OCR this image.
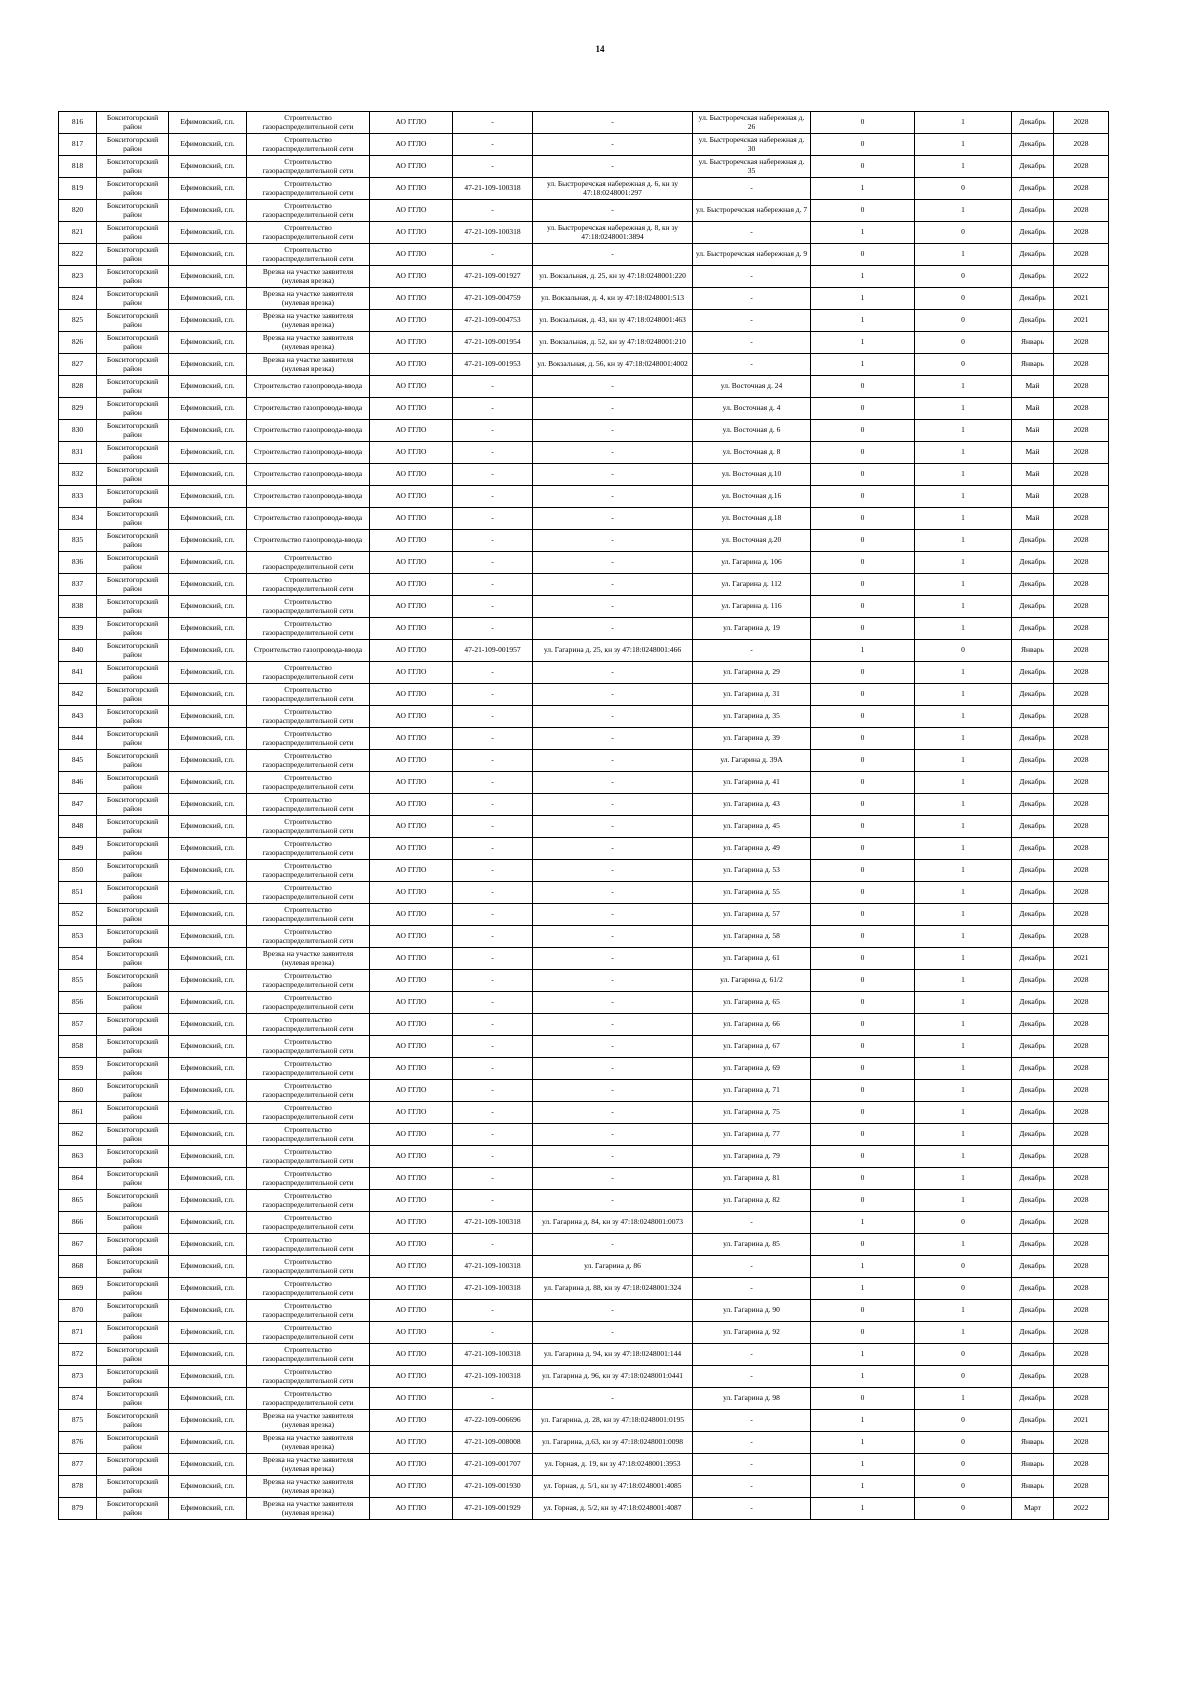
14
816	Бокситогорский район	Ефимовский, г.п.	Строительство газораспределительной сети	АО ГГЛО	-	-	ул. Быстроречская набережная д. 26	0	1	Декабрь	2028
817	Бокситогорский район	Ефимовский, г.п.	Строительство газораспределительной сети	АО ГГЛО	-	-	ул. Быстроречская набережная д. 30	0	1	Декабрь	2028
818	Бокситогорский район	Ефимовский, г.п.	Строительство газораспределительной сети	АО ГГЛО	-	-	ул. Быстроречская набережная д. 35	0	1	Декабрь	2028
819	Бокситогорский район	Ефимовский, г.п.	Строительство газораспределительной сети	АО ГГЛО	47-21-109-100318	ул. Быстроречская набережная д. 6, кн зу 47:18:0248001:297	-	1	0	Декабрь	2028
820	Бокситогорский район	Ефимовский, г.п.	Строительство газораспределительной сети	АО ГГЛО	-	-	ул. Быстроречская набережная д. 7	0	1	Декабрь	2028
821	Бокситогорский район	Ефимовский, г.п.	Строительство газораспределительной сети	АО ГГЛО	47-21-109-100318	ул. Быстроречская набережная д. 8, кн зу 47:18:0248001:3894	-	1	0	Декабрь	2028
822	Бокситогорский район	Ефимовский, г.п.	Строительство газораспределительной сети	АО ГГЛО	-	-	ул. Быстроречская набережная д. 9	0	1	Декабрь	2028
823	Бокситогорский район	Ефимовский, г.п.	Врезка на участке заявителя (нулевая врезка)	АО ГГЛО	47-21-109-001927	ул. Вокзальная, д. 25, кн зу 47:18:0248001:220	-	1	0	Декабрь	2022
824	Бокситогорский район	Ефимовский, г.п.	Врезка на участке заявителя (нулевая врезка)	АО ГГЛО	47-21-109-004759	ул. Вокзальная, д. 4, кн зу 47:18:0248001:513	-	1	0	Декабрь	2021
825	Бокситогорский район	Ефимовский, г.п.	Врезка на участке заявителя (нулевая врезка)	АО ГГЛО	47-21-109-004753	ул. Вокзальная, д. 43, кн зу 47:18:0248001:463	-	1	0	Декабрь	2021
826	Бокситогорский район	Ефимовский, г.п.	Врезка на участке заявителя (нулевая врезка)	АО ГГЛО	47-21-109-001954	ул. Вокзальная, д. 52, кн зу 47:18:0248001:210	-	1	0	Январь	2028
827	Бокситогорский район	Ефимовский, г.п.	Врезка на участке заявителя (нулевая врезка)	АО ГГЛО	47-21-109-001953	ул. Вокзальная, д. 56, кн зу 47:18:0248001:4002	-	1	0	Январь	2028
828	Бокситогорский район	Ефимовский, г.п.	Строительство газопровода-ввода	АО ГГЛО	-	-	ул. Восточная д. 24	0	1	Май	2028
829	Бокситогорский район	Ефимовский, г.п.	Строительство газопровода-ввода	АО ГГЛО	-	-	ул. Восточная д. 4	0	1	Май	2028
830	Бокситогорский район	Ефимовский, г.п.	Строительство газопровода-ввода	АО ГГЛО	-	-	ул. Восточная д. 6	0	1	Май	2028
831	Бокситогорский район	Ефимовский, г.п.	Строительство газопровода-ввода	АО ГГЛО	-	-	ул. Восточная д. 8	0	1	Май	2028
832	Бокситогорский район	Ефимовский, г.п.	Строительство газопровода-ввода	АО ГГЛО	-	-	ул. Восточная д.10	0	1	Май	2028
833	Бокситогорский район	Ефимовский, г.п.	Строительство газопровода-ввода	АО ГГЛО	-	-	ул. Восточная д.16	0	1	Май	2028
834	Бокситогорский район	Ефимовский, г.п.	Строительство газопровода-ввода	АО ГГЛО	-	-	ул. Восточная д.18	0	1	Май	2028
835	Бокситогорский район	Ефимовский, г.п.	Строительство газопровода-ввода	АО ГГЛО	-	-	ул. Восточная д.20	0	1	Декабрь	2028
836	Бокситогорский район	Ефимовский, г.п.	Строительство газораспределительной сети	АО ГГЛО	-	-	ул. Гагарина д. 106	0	1	Декабрь	2028
837	Бокситогорский район	Ефимовский, г.п.	Строительство газораспределительной сети	АО ГГЛО	-	-	ул. Гагарина д. 112	0	1	Декабрь	2028
838	Бокситогорский район	Ефимовский, г.п.	Строительство газораспределительной сети	АО ГГЛО	-	-	ул. Гагарина д. 116	0	1	Декабрь	2028
839	Бокситогорский район	Ефимовский, г.п.	Строительство газораспределительной сети	АО ГГЛО	-	-	ул. Гагарина д. 19	0	1	Декабрь	2028
840	Бокситогорский район	Ефимовский, г.п.	Строительство газопровода-ввода	АО ГГЛО	47-21-109-001957	ул. Гагарина д. 25, кн зу 47:18:0248001:466	-	1	0	Январь	2028
841	Бокситогорский район	Ефимовский, г.п.	Строительство газораспределительной сети	АО ГГЛО	-	-	ул. Гагарина д. 29	0	1	Декабрь	2028
842	Бокситогорский район	Ефимовский, г.п.	Строительство газораспределительной сети	АО ГГЛО	-	-	ул. Гагарина д. 31	0	1	Декабрь	2028
843	Бокситогорский район	Ефимовский, г.п.	Строительство газораспределительной сети	АО ГГЛО	-	-	ул. Гагарина д. 35	0	1	Декабрь	2028
844	Бокситогорский район	Ефимовский, г.п.	Строительство газораспределительной сети	АО ГГЛО	-	-	ул. Гагарина д. 39	0	1	Декабрь	2028
845	Бокситогорский район	Ефимовский, г.п.	Строительство газораспределительной сети	АО ГГЛО	-	-	ул. Гагарина д. 39А	0	1	Декабрь	2028
846	Бокситогорский район	Ефимовский, г.п.	Строительство газораспределительной сети	АО ГГЛО	-	-	ул. Гагарина д. 41	0	1	Декабрь	2028
847	Бокситогорский район	Ефимовский, г.п.	Строительство газораспределительной сети	АО ГГЛО	-	-	ул. Гагарина д. 43	0	1	Декабрь	2028
848	Бокситогорский район	Ефимовский, г.п.	Строительство газораспределительной сети	АО ГГЛО	-	-	ул. Гагарина д. 45	0	1	Декабрь	2028
849	Бокситогорский район	Ефимовский, г.п.	Строительство газораспределительной сети	АО ГГЛО	-	-	ул. Гагарина д. 49	0	1	Декабрь	2028
850	Бокситогорский район	Ефимовский, г.п.	Строительство газораспределительной сети	АО ГГЛО	-	-	ул. Гагарина д. 53	0	1	Декабрь	2028
851	Бокситогорский район	Ефимовский, г.п.	Строительство газораспределительной сети	АО ГГЛО	-	-	ул. Гагарина д. 55	0	1	Декабрь	2028
852	Бокситогорский район	Ефимовский, г.п.	Строительство газораспределительной сети	АО ГГЛО	-	-	ул. Гагарина д. 57	0	1	Декабрь	2028
853	Бокситогорский район	Ефимовский, г.п.	Строительство газораспределительной сети	АО ГГЛО	-	-	ул. Гагарина д. 58	0	1	Декабрь	2028
854	Бокситогорский район	Ефимовский, г.п.	Врезка на участке заявителя (нулевая врезка)	АО ГГЛО	-	-	ул. Гагарина д. 61	0	1	Декабрь	2021
855	Бокситогорский район	Ефимовский, г.п.	Строительство газораспределительной сети	АО ГГЛО	-	-	ул. Гагарина д. 61/2	0	1	Декабрь	2028
856	Бокситогорский район	Ефимовский, г.п.	Строительство газораспределительной сети	АО ГГЛО	-	-	ул. Гагарина д. 65	0	1	Декабрь	2028
857	Бокситогорский район	Ефимовский, г.п.	Строительство газораспределительной сети	АО ГГЛО	-	-	ул. Гагарина д. 66	0	1	Декабрь	2028
858	Бокситогорский район	Ефимовский, г.п.	Строительство газораспределительной сети	АО ГГЛО	-	-	ул. Гагарина д. 67	0	1	Декабрь	2028
859	Бокситогорский район	Ефимовский, г.п.	Строительство газораспределительной сети	АО ГГЛО	-	-	ул. Гагарина д. 69	0	1	Декабрь	2028
860	Бокситогорский район	Ефимовский, г.п.	Строительство газораспределительной сети	АО ГГЛО	-	-	ул. Гагарина д. 71	0	1	Декабрь	2028
861	Бокситогорский район	Ефимовский, г.п.	Строительство газораспределительной сети	АО ГГЛО	-	-	ул. Гагарина д. 75	0	1	Декабрь	2028
862	Бокситогорский район	Ефимовский, г.п.	Строительство газораспределительной сети	АО ГГЛО	-	-	ул. Гагарина д. 77	0	1	Декабрь	2028
863	Бокситогорский район	Ефимовский, г.п.	Строительство газораспределительной сети	АО ГГЛО	-	-	ул. Гагарина д. 79	0	1	Декабрь	2028
864	Бокситогорский район	Ефимовский, г.п.	Строительство газораспределительной сети	АО ГГЛО	-	-	ул. Гагарина д. 81	0	1	Декабрь	2028
865	Бокситогорский район	Ефимовский, г.п.	Строительство газораспределительной сети	АО ГГЛО	-	-	ул. Гагарина д. 82	0	1	Декабрь	2028
866	Бокситогорский район	Ефимовский, г.п.	Строительство газораспределительной сети	АО ГГЛО	47-21-109-100318	ул. Гагарина д. 84, кн зу 47:18:0248001:0073	-	1	0	Декабрь	2028
867	Бокситогорский район	Ефимовский, г.п.	Строительство газораспределительной сети	АО ГГЛО	-	-	ул. Гагарина д. 85	0	1	Декабрь	2028
868	Бокситогорский район	Ефимовский, г.п.	Строительство газораспределительной сети	АО ГГЛО	47-21-109-100318	ул. Гагарина д. 86	-	1	0	Декабрь	2028
869	Бокситогорский район	Ефимовский, г.п.	Строительство газораспределительной сети	АО ГГЛО	47-21-109-100318	ул. Гагарина д. 88, кн зу 47:18:0248001:324	-	1	0	Декабрь	2028
870	Бокситогорский район	Ефимовский, г.п.	Строительство газораспределительной сети	АО ГГЛО	-	-	ул. Гагарина д. 90	0	1	Декабрь	2028
871	Бокситогорский район	Ефимовский, г.п.	Строительство газораспределительной сети	АО ГГЛО	-	-	ул. Гагарина д. 92	0	1	Декабрь	2028
872	Бокситогорский район	Ефимовский, г.п.	Строительство газораспределительной сети	АО ГГЛО	47-21-109-100318	ул. Гагарина д. 94, кн зу 47:18:0248001:144	-	1	0	Декабрь	2028
873	Бокситогорский район	Ефимовский, г.п.	Строительство газораспределительной сети	АО ГГЛО	47-21-109-100318	ул. Гагарина д. 96, кн зу 47:18:0248001:0441	-	1	0	Декабрь	2028
874	Бокситогорский район	Ефимовский, г.п.	Строительство газораспределительной сети	АО ГГЛО	-	-	ул. Гагарина д. 98	0	1	Декабрь	2028
875	Бокситогорский район	Ефимовский, г.п.	Врезка на участке заявителя (нулевая врезка)	АО ГГЛО	47-22-109-006696	ул. Гагарина, д. 28, кн зу 47:18:0248001:0195	-	1	0	Декабрь	2021
876	Бокситогорский район	Ефимовский, г.п.	Врезка на участке заявителя (нулевая врезка)	АО ГГЛО	47-21-109-008008	ул. Гагарина, д.63, кн зу 47:18:0248001:0098	-	1	0	Январь	2028
877	Бокситогорский район	Ефимовский, г.п.	Врезка на участке заявителя (нулевая врезка)	АО ГГЛО	47-21-109-001707	ул. Горная, д. 19, кн зу 47:18:0248001:3953	-	1	0	Январь	2028
878	Бокситогорский район	Ефимовский, г.п.	Врезка на участке заявителя (нулевая врезка)	АО ГГЛО	47-21-109-001930	ул. Горная, д. 5/1, кн зу 47:18:0248001:4085	-	1	0	Январь	2028
879	Бокситогорский район	Ефимовский, г.п.	Врезка на участке заявителя (нулевая врезка)	АО ГГЛО	47-21-109-001929	ул. Горная, д. 5/2, кн зу 47:18:0248001:4087	-	1	0	Март	2022
